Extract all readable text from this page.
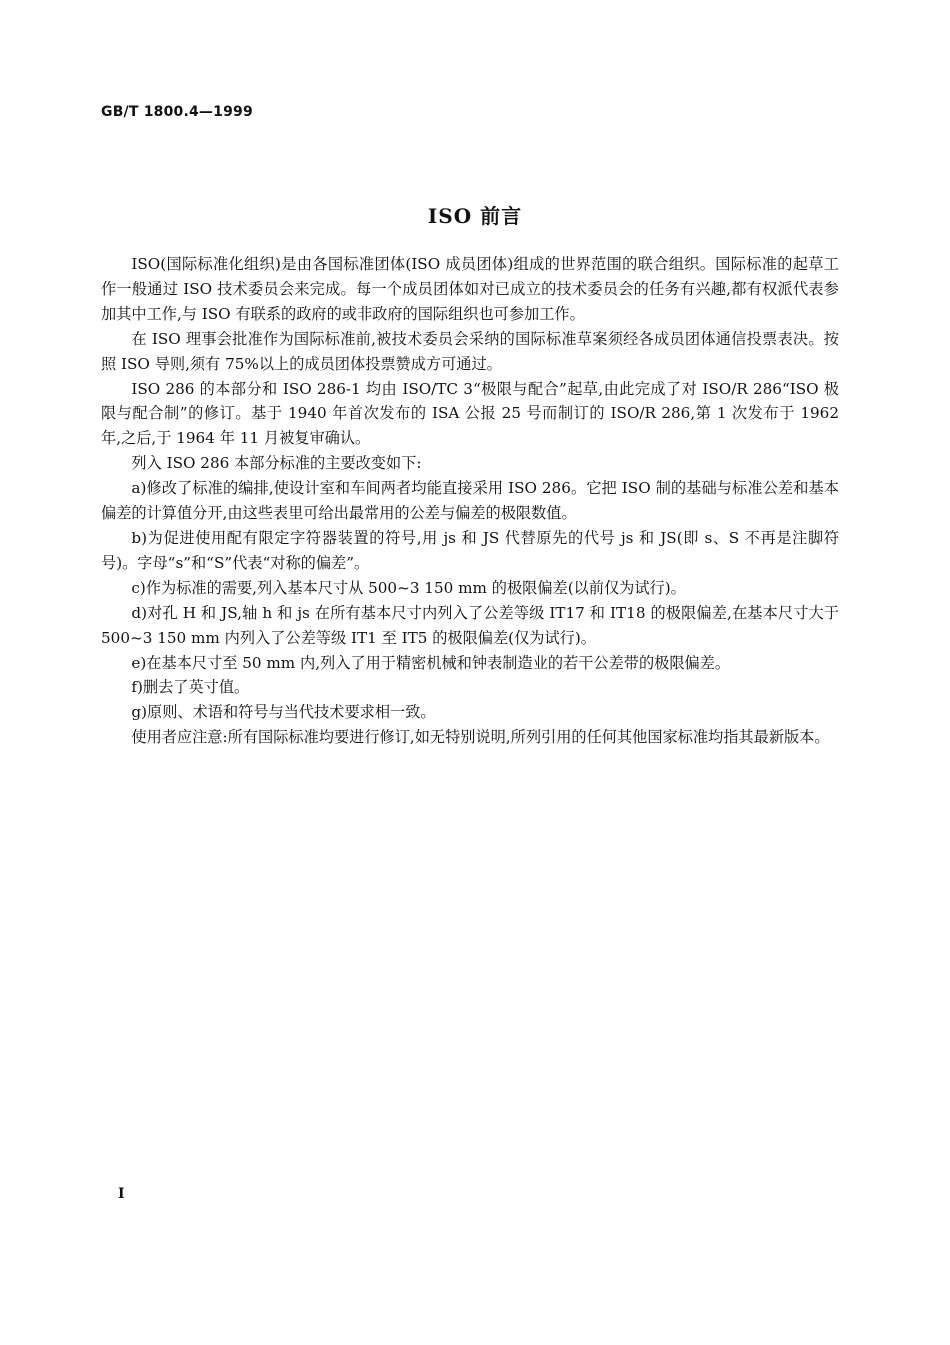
GB/T 1800.4—1999
ISO 前言

ISO(国际标准化组织)是由各国标准团体(ISO 成员团体)组成的世界范围的联合组织。国际标准的起草工作一般通过 ISO 技术委员会来完成。每一个成员团体如对已成立的技术委员会的任务有兴趣,都有权派代表参加其中工作,与 ISO 有联系的政府的或非政府的国际组织也可参加工作。

在 ISO 理事会批准作为国际标准前,被技术委员会采纳的国际标准草案须经各成员团体通信投票表决。按照 ISO 导则,须有 75%以上的成员团体投票赞成方可通过。

ISO 286 的本部分和 ISO 286-1 均由 ISO/TC 3“极限与配合”起草,由此完成了对 ISO/R 286“ISO 极限与配合制”的修订。基于 1940 年首次发布的 ISA 公报 25 号而制订的 ISO/R 286,第 1 次发布于 1962 年,之后,于 1964 年 11 月被复审确认。

列入 ISO 286 本部分标准的主要改变如下:

a)修改了标准的编排,使设计室和车间两者均能直接采用 ISO 286。它把 ISO 制的基础与标准公差和基本偏差的计算值分开,由这些表里可给出最常用的公差与偏差的极限数值。

b)为促进使用配有限定字符器装置的符号,用 js 和 JS 代替原先的代号 js 和 JS(即 s、S 不再是注脚符号)。字母“s”和“S”代表“对称的偏差”。

c)作为标准的需要,列入基本尺寸从 500~3 150 mm 的极限偏差(以前仅为试行)。

d)对孔 H 和 JS,轴 h 和 js 在所有基本尺寸内列入了公差等级 IT17 和 IT18 的极限偏差,在基本尺寸大于 500~3 150 mm 内列入了公差等级 IT1 至 IT5 的极限偏差(仅为试行)。

e)在基本尺寸至 50 mm 内,列入了用于精密机械和钟表制造业的若干公差带的极限偏差。

f)删去了英寸值。

g)原则、术语和符号与当代技术要求相一致。

使用者应注意:所有国际标准均要进行修订,如无特别说明,所列引用的任何其他国家标准均指其最新版本。

I
